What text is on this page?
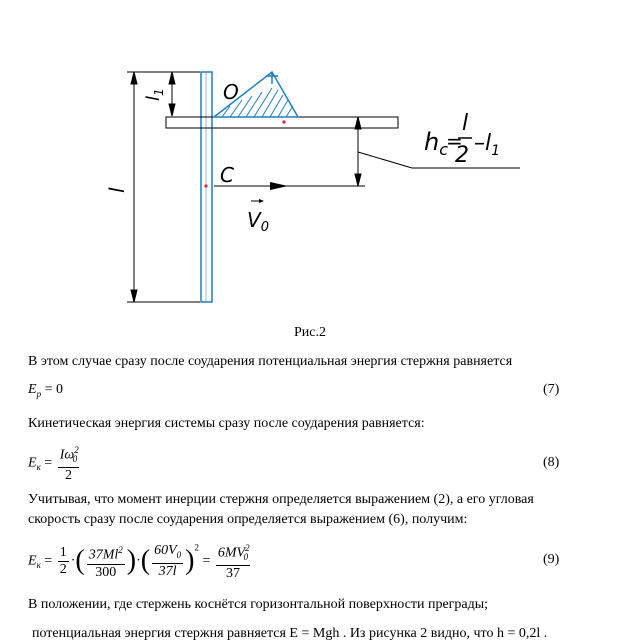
l
$l_1$	O
C
$V_0$
$h_c$
=
l
2 $-l_1$
Рис.2

В этом случае сразу после соударения потенциальная энергия стержня равняется

$E_p = 0$	(7)

Кинетическая энергия системы сразу после соударения равняется:

$E_к = \frac{I\omega^2_0}{2}$	(8)

Учитывая, что момент инерции стержня определяется выражением (2), а его угловая

скорость сразу после соударения определяется выражением (6), получим:

$E_к = \frac{1}{2}$ ·( $\frac{37Ml^2}{300}$ )·( $\frac{60V_0}{37l} )^2 = \frac{6MV^2_0}{37}$	(9)

В положении, где стержень коснётся горизонтальной поверхности преграды;

потенциальная энергия стержня равняется E = Mgh . Из рисунка 2 видно, что h = 0,2l .
